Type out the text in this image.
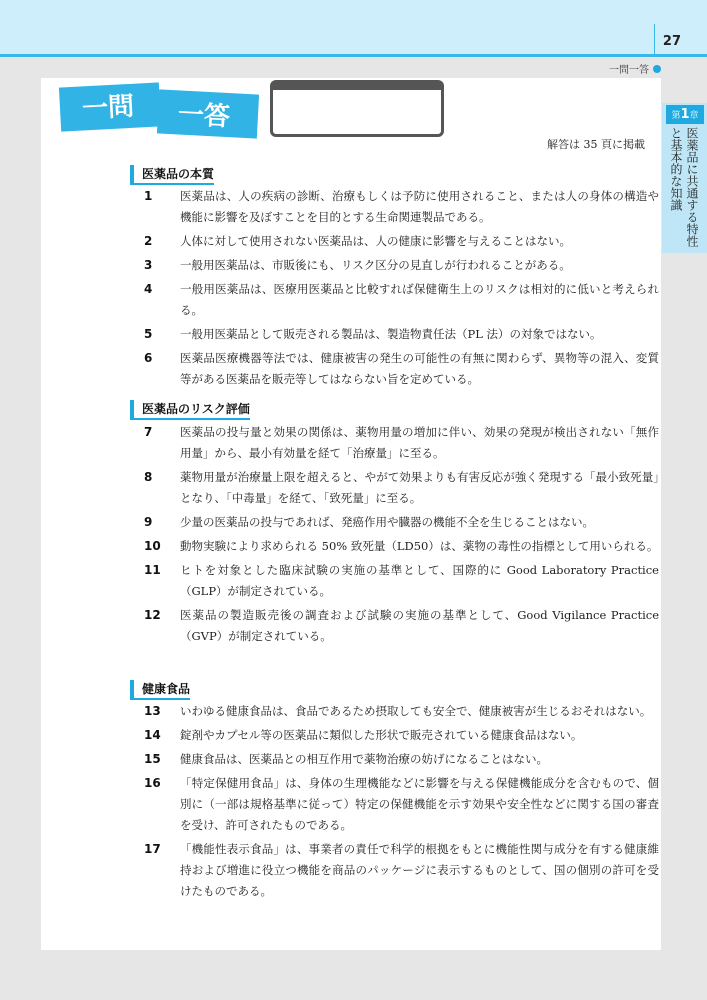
27
一問一答
第1章
医薬品に共通する特性と基本的な知識
一問 一答
解答は 35 頁に掲載
医薬品の本質
1	医薬品は、人の疾病の診断、治療もしくは予防に使用されること、または人の身体の構造や機能に影響を及ぼすことを目的とする生命関連製品である。
2	人体に対して使用されない医薬品は、人の健康に影響を与えることはない。
3	一般用医薬品は、市販後にも、リスク区分の見直しが行われることがある。
4	一般用医薬品は、医療用医薬品と比較すれば保健衛生上のリスクは相対的に低いと考えられる。
5	一般用医薬品として販売される製品は、製造物責任法（PL 法）の対象ではない。
6	医薬品医療機器等法では、健康被害の発生の可能性の有無に関わらず、異物等の混入、変質等がある医薬品を販売等してはならない旨を定めている。
医薬品のリスク評価
7	医薬品の投与量と効果の関係は、薬物用量の増加に伴い、効果の発現が検出されない「無作用量」から、最小有効量を経て「治療量」に至る。
8	薬物用量が治療量上限を超えると、やがて効果よりも有害反応が強く発現する「最小致死量」となり、「中毒量」を経て、「致死量」に至る。
9	少量の医薬品の投与であれば、発癌作用や臓器の機能不全を生じることはない。
10	動物実験により求められる 50% 致死量（LD50）は、薬物の毒性の指標として用いられる。
11	ヒトを対象とした臨床試験の実施の基準として、国際的に Good Laboratory Practice（GLP）が制定されている。
12	医薬品の製造販売後の調査および試験の実施の基準として、Good Vigilance Practice（GVP）が制定されている。
健康食品
13	いわゆる健康食品は、食品であるため摂取しても安全で、健康被害が生じるおそれはない。
14	錠剤やカプセル等の医薬品に類似した形状で販売されている健康食品はない。
15	健康食品は、医薬品との相互作用で薬物治療の妨げになることはない。
16	「特定保健用食品」は、身体の生理機能などに影響を与える保健機能成分を含むもので、個別に（一部は規格基準に従って）特定の保健機能を示す効果や安全性などに関する国の審査を受け、許可されたものである。
17	「機能性表示食品」は、事業者の責任で科学的根拠をもとに機能性関与成分を有する健康維持および増進に役立つ機能を商品のパッケージに表示するものとして、国の個別の許可を受けたものである。
